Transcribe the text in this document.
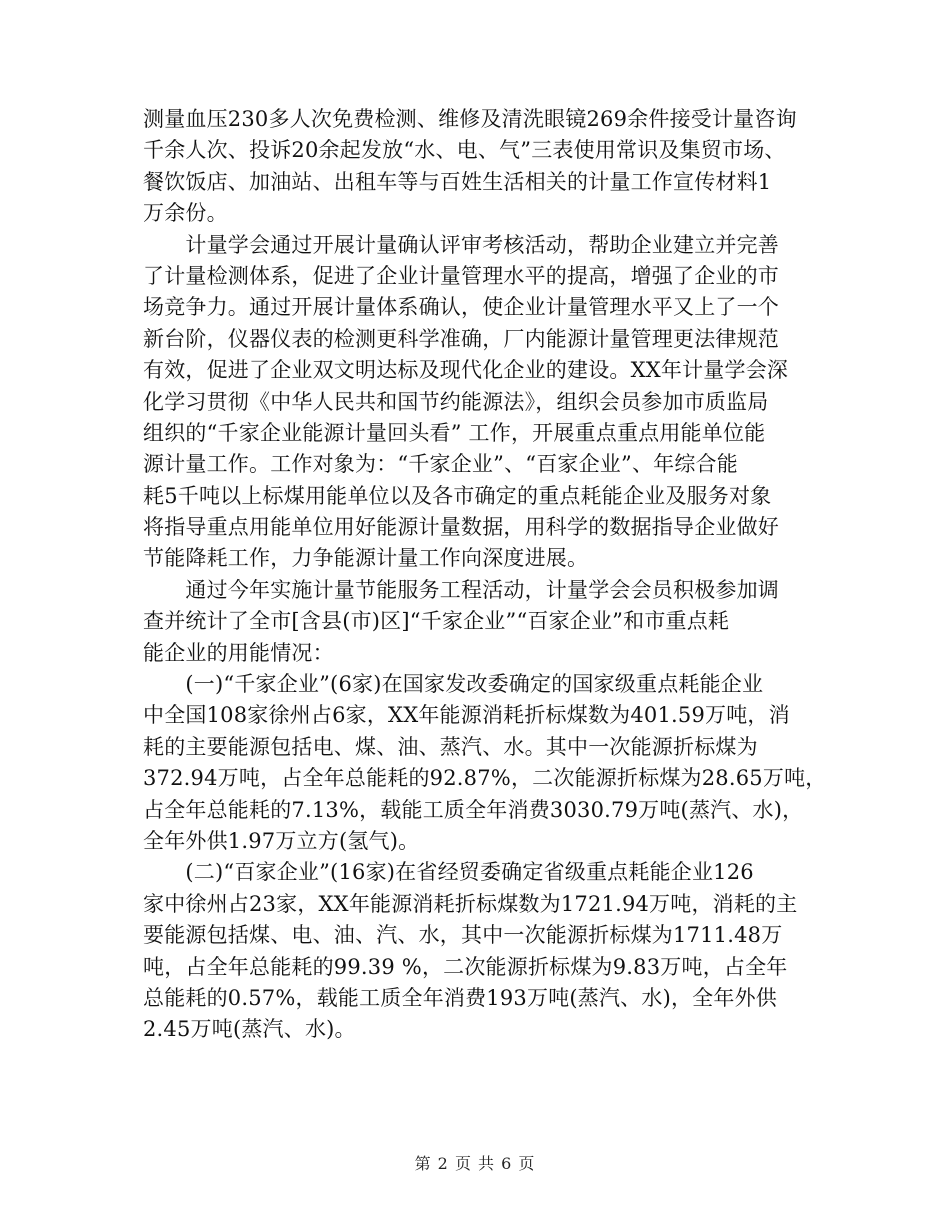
测量血压230多人次免费检测、维修及清洗眼镜269余件接受计量咨询
千余人次、投诉20余起发放“水、电、气”三表使用常识及集贸市场、
餐饮饭店、加油站、出租车等与百姓生活相关的计量工作宣传材料1
万余份。
　　计量学会通过开展计量确认评审考核活动，帮助企业建立并完善
了计量检测体系，促进了企业计量管理水平的提高，增强了企业的市
场竞争力。通过开展计量体系确认，使企业计量管理水平又上了一个
新台阶，仪器仪表的检测更科学准确，厂内能源计量管理更法律规范
有效，促进了企业双文明达标及现代化企业的建设。XX年计量学会深
化学习贯彻《中华人民共和国节约能源法》，组织会员参加市质监局
组织的“千家企业能源计量回头看” 工作，开展重点重点用能单位能
源计量工作。工作对象为：“千家企业”、“百家企业”、年综合能
耗5千吨以上标煤用能单位以及各市确定的重点耗能企业及服务对象
将指导重点用能单位用好能源计量数据，用科学的数据指导企业做好
节能降耗工作，力争能源计量工作向深度进展。
　　通过今年实施计量节能服务工程活动，计量学会会员积极参加调
查并统计了全市[含县(市)区]“千家企业”“百家企业”和市重点耗
能企业的用能情况：
　　(一)“千家企业”(6家)在国家发改委确定的国家级重点耗能企业
中全国108家徐州占6家，XX年能源消耗折标煤数为401.59万吨，消
耗的主要能源包括电、煤、油、蒸汽、水。其中一次能源折标煤为
372.94万吨，占全年总能耗的92.87%，二次能源折标煤为28.65万吨，
占全年总能耗的7.13%，载能工质全年消费3030.79万吨(蒸汽、水)，
全年外供1.97万立方(氢气)。
　　(二)“百家企业”(16家)在省经贸委确定省级重点耗能企业126
家中徐州占23家，XX年能源消耗折标煤数为1721.94万吨，消耗的主
要能源包括煤、电、油、汽、水，其中一次能源折标煤为1711.48万
吨，占全年总能耗的99.39 %，二次能源折标煤为9.83万吨，占全年
总能耗的0.57%，载能工质全年消费193万吨(蒸汽、水)，全年外供
2.45万吨(蒸汽、水)。
第 2 页 共 6 页
